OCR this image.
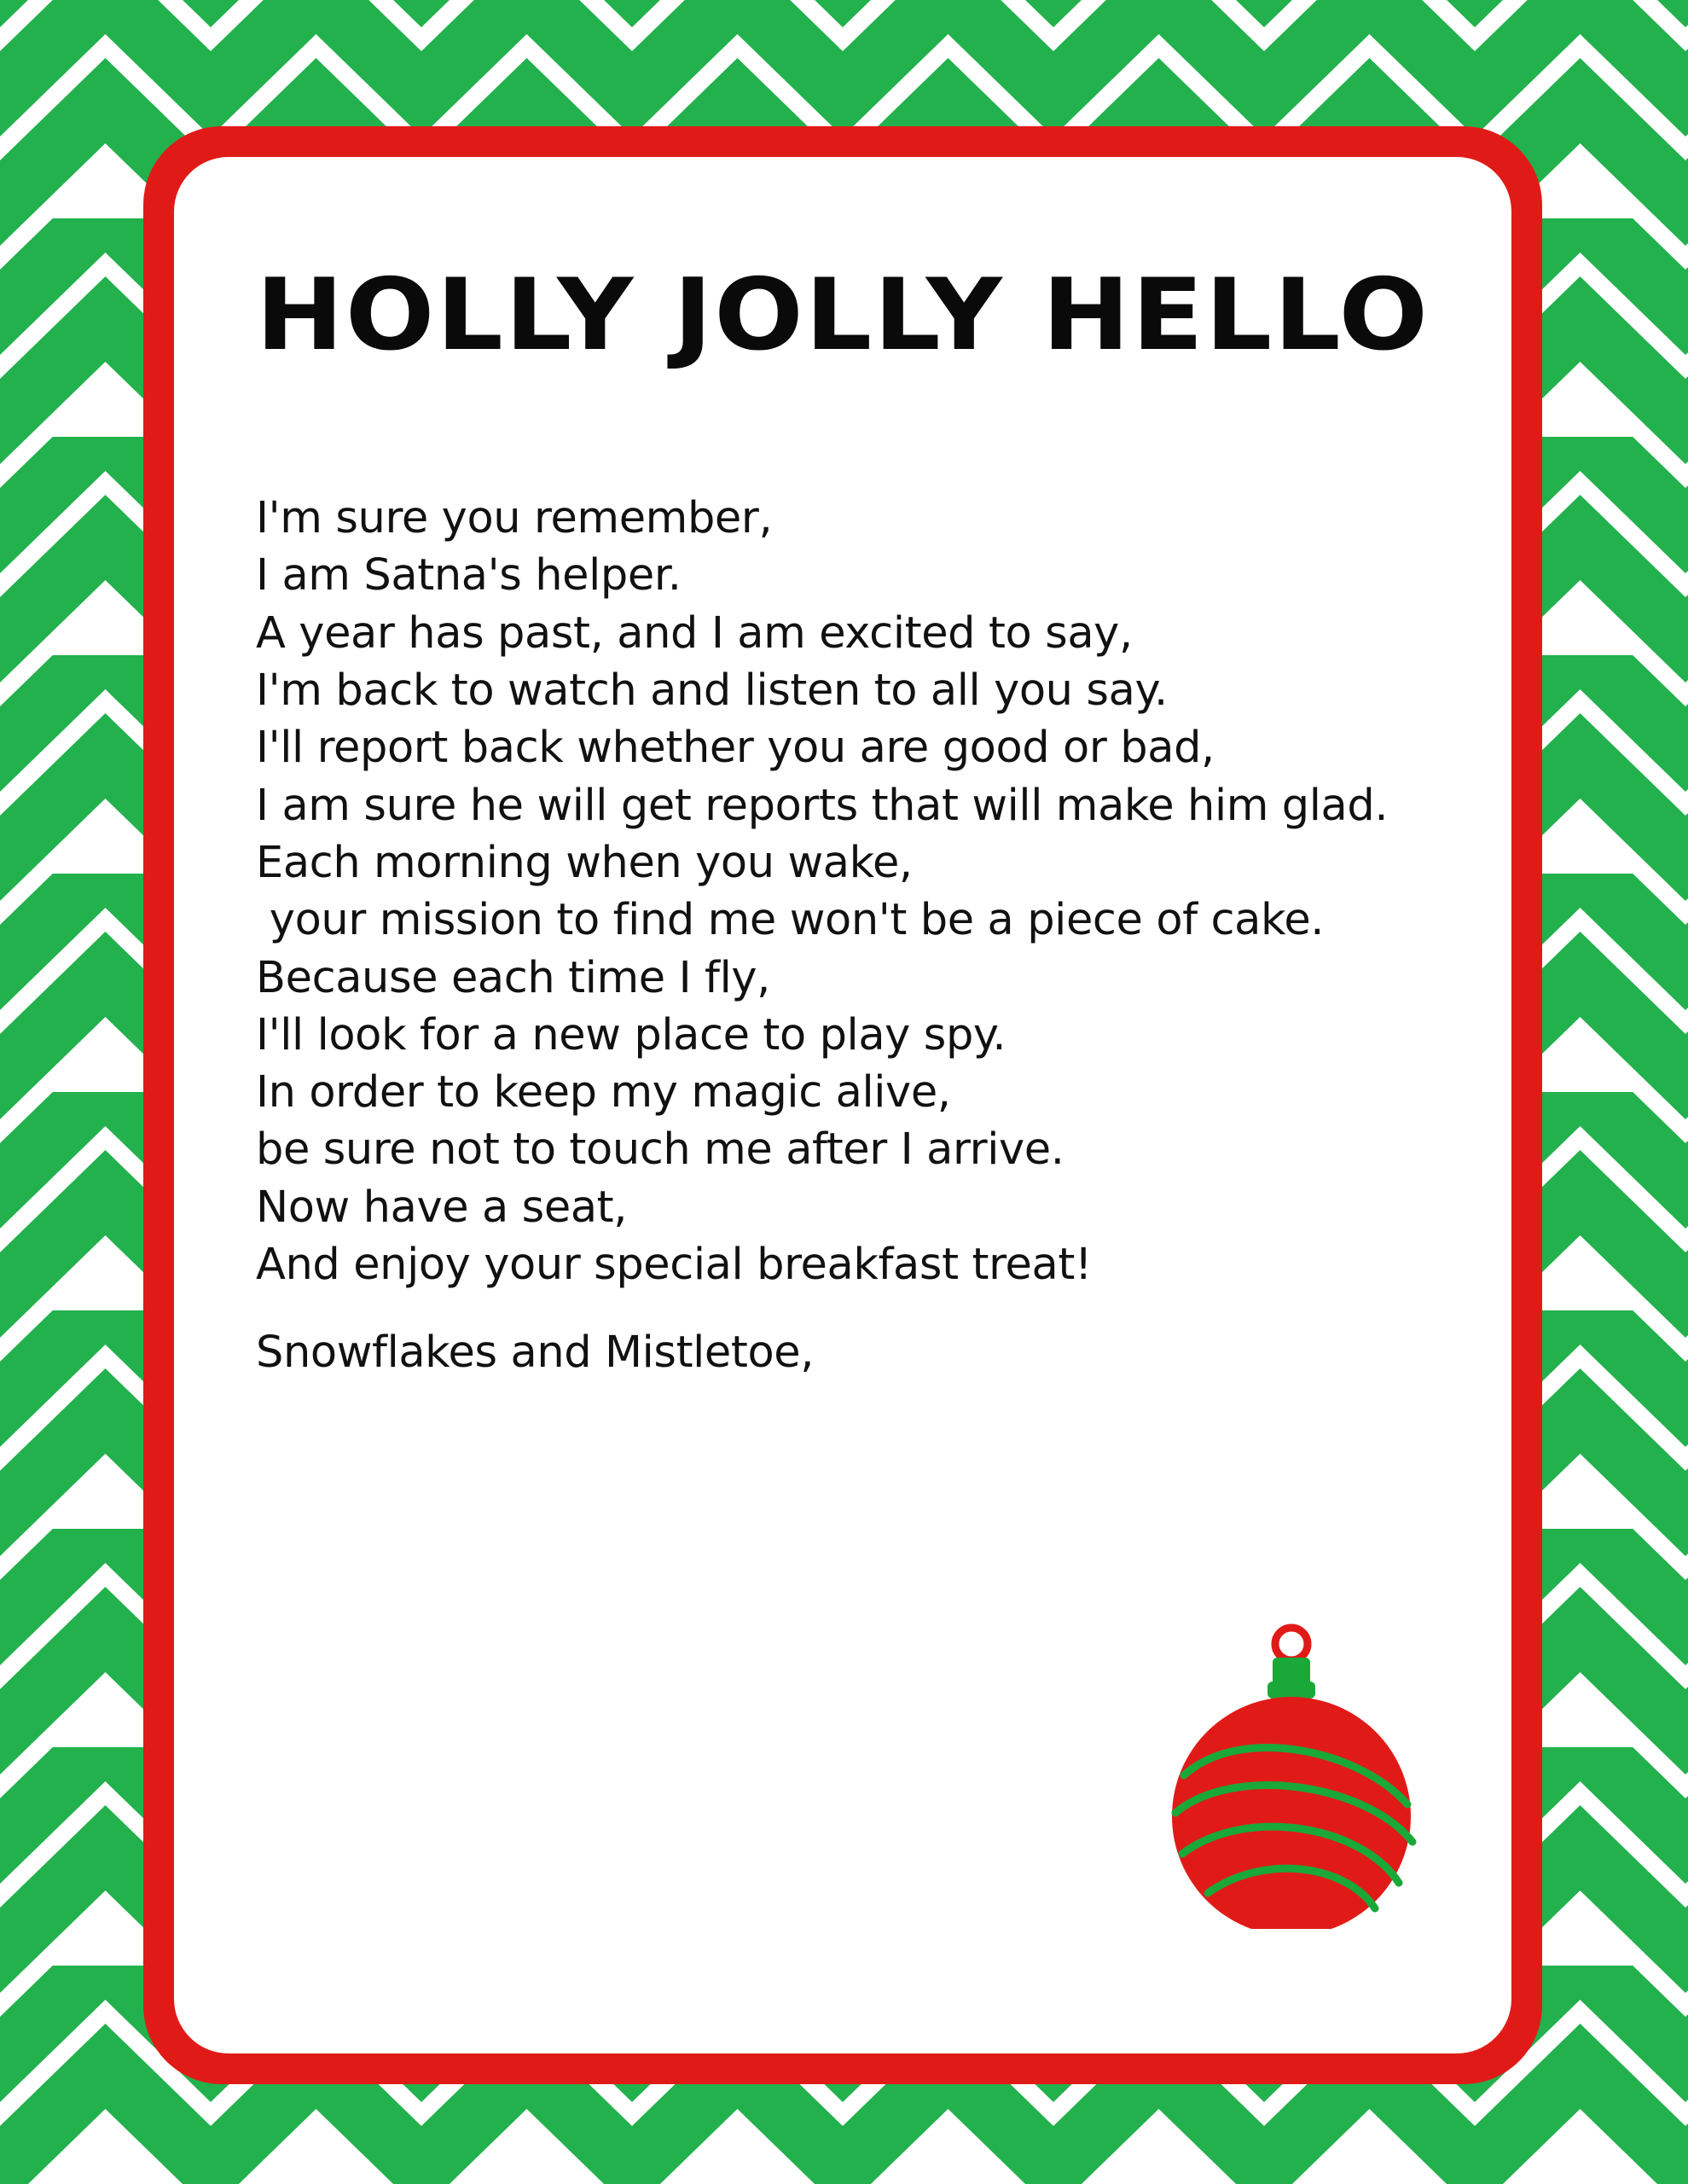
HOLLY JOLLY HELLO
I'm sure you remember,
I am Satna's helper.
A year has past, and I am excited to say,
I'm back to watch and listen to all you say.
I'll report back whether you are good or bad,
I am sure he will get reports that will make him glad.
Each morning when you wake,
your mission to find me won't be a piece of cake.
Because each time I fly,
I'll look for a new place to play spy.
In order to keep my magic alive,
be sure not to touch me after I arrive.
Now have a seat,
And enjoy your special breakfast treat!

Snowflakes and Mistletoe,
